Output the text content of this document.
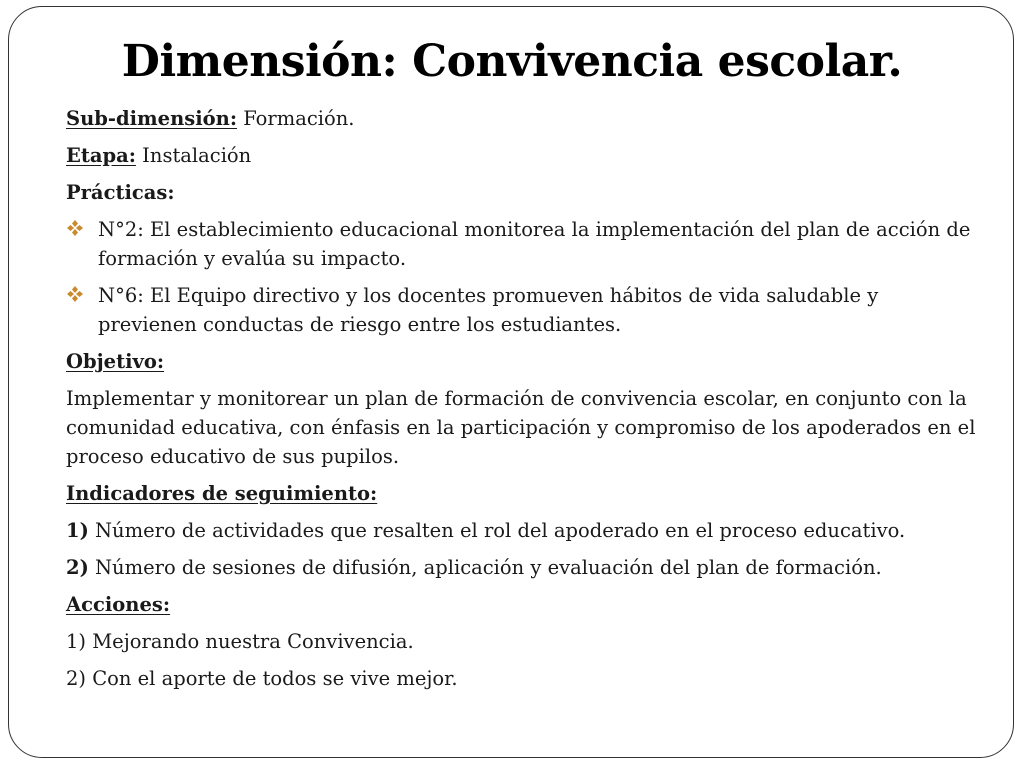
Dimensión: Convivencia escolar.

Sub-dimensión: Formación.

Etapa: Instalación

Prácticas:

N°2: El establecimiento educacional monitorea la implementación del plan de acción de formación y evalúa su impacto.
N°6: El Equipo directivo y los docentes promueven hábitos de vida saludable y previenen conductas de riesgo entre los estudiantes.

Objetivo:

Implementar y monitorear un plan de formación de convivencia escolar, en conjunto con la comunidad educativa, con énfasis en la participación y compromiso de los apoderados en el proceso educativo de sus pupilos.

Indicadores de seguimiento:

1) Número de actividades que resalten el rol del apoderado en el proceso educativo.

2) Número de sesiones de difusión, aplicación y evaluación del plan de formación.

Acciones:

1) Mejorando nuestra Convivencia.

2) Con el aporte de todos se vive mejor.
